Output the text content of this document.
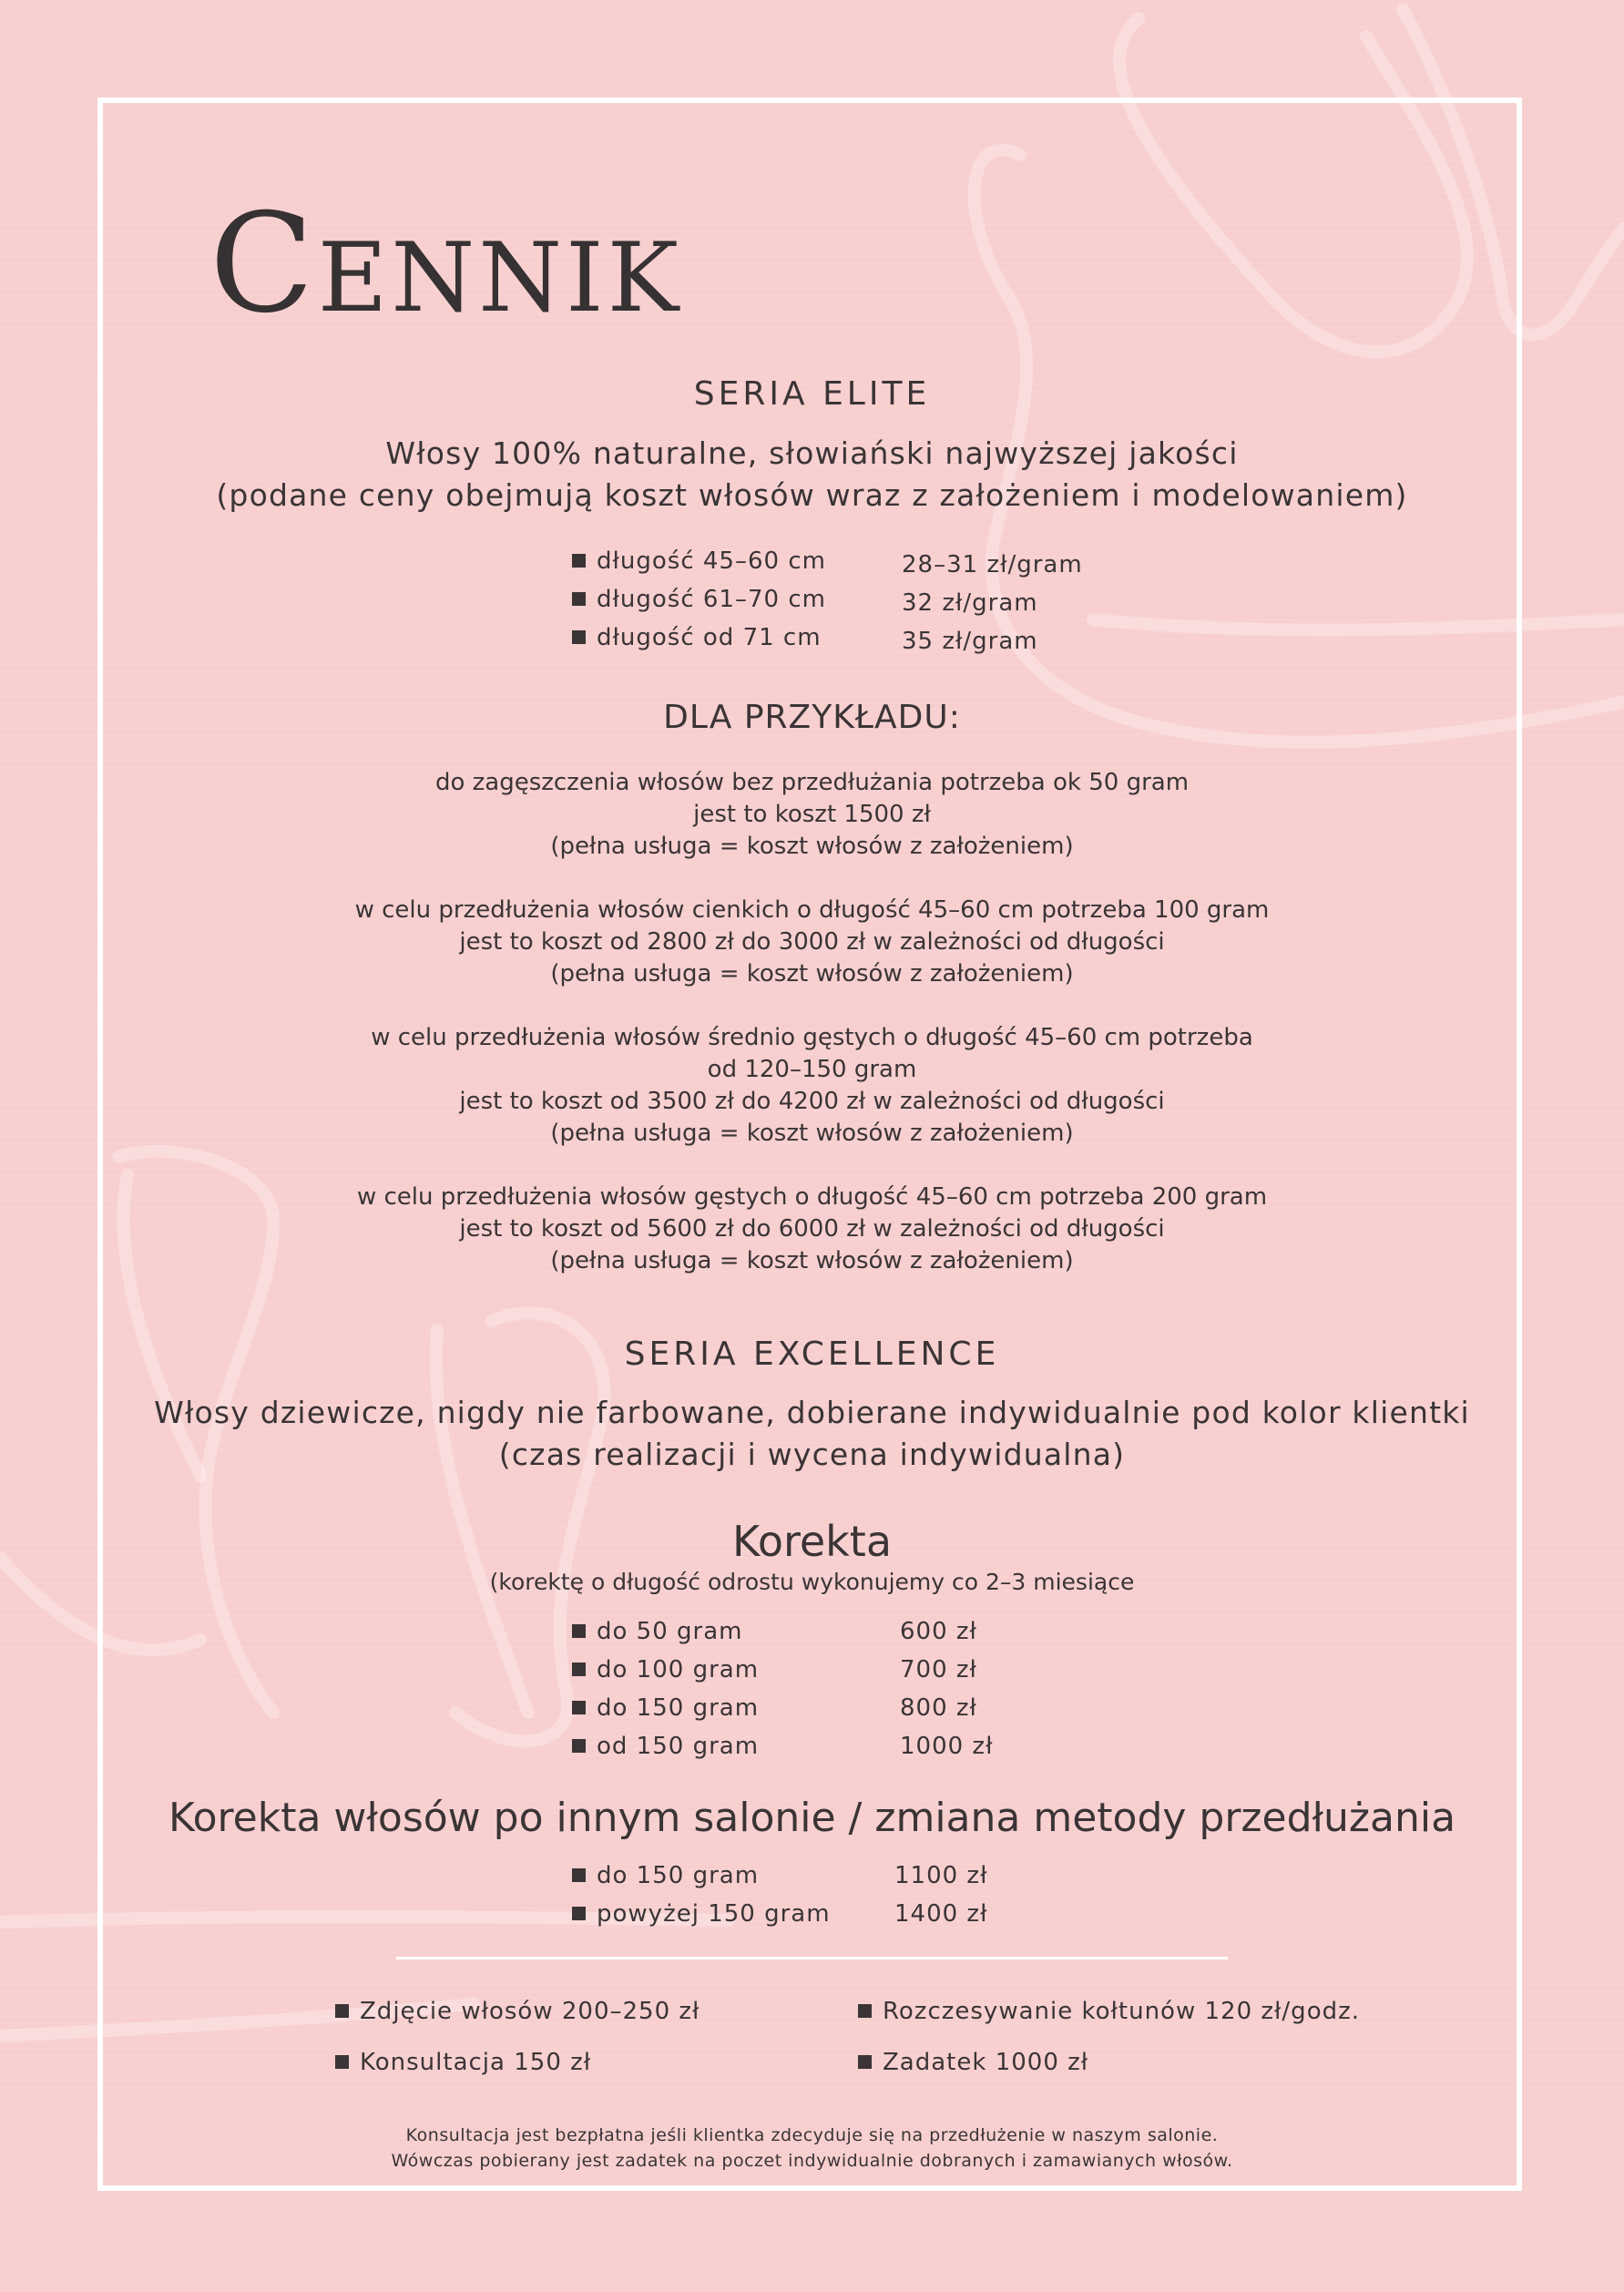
Cennik
SERIA ELITE
Włosy 100% naturalne, słowiański najwyższej jakości
(podane ceny obejmują koszt włosów wraz z założeniem i modelowaniem)
długość 45–60 cm	28–31 zł/gram
długość 61–70 cm	32 zł/gram
długość od 71 cm	35 zł/gram
DLA PRZYKŁADU:
do zagęszczenia włosów bez przedłużania potrzeba ok 50 gram
jest to koszt 1500 zł
(pełna usługa = koszt włosów z założeniem)
w celu przedłużenia włosów cienkich o długość 45–60 cm potrzeba 100 gram
jest to koszt od 2800 zł do 3000 zł w zależności od długości
(pełna usługa = koszt włosów z założeniem)
w celu przedłużenia włosów średnio gęstych o długość 45–60 cm potrzeba
od 120–150 gram
jest to koszt od 3500 zł do 4200 zł w zależności od długości
(pełna usługa = koszt włosów z założeniem)
w celu przedłużenia włosów gęstych o długość 45–60 cm potrzeba 200 gram
jest to koszt od 5600 zł do 6000 zł w zależności od długości
(pełna usługa = koszt włosów z założeniem)
SERIA EXCELLENCE
Włosy dziewicze, nigdy nie farbowane, dobierane indywidualnie pod kolor klientki
(czas realizacji i wycena indywidualna)
Korekta
(korektę o długość odrostu wykonujemy co 2–3 miesiące
do 50 gram	600 zł
do 100 gram	700 zł
do 150 gram	800 zł
od 150 gram	1000 zł
Korekta włosów po innym salonie / zmiana metody przedłużania
do 150 gram	1100 zł
powyżej 150 gram	1400 zł
Zdjęcie włosów 200–250 zł
Konsultacja 150 zł
Rozczesywanie kołtunów 120 zł/godz.
Zadatek 1000 zł
Konsultacja jest bezpłatna jeśli klientka zdecyduje się na przedłużenie w naszym salonie.
Wówczas pobierany jest zadatek na poczet indywidualnie dobranych i zamawianych włosów.
